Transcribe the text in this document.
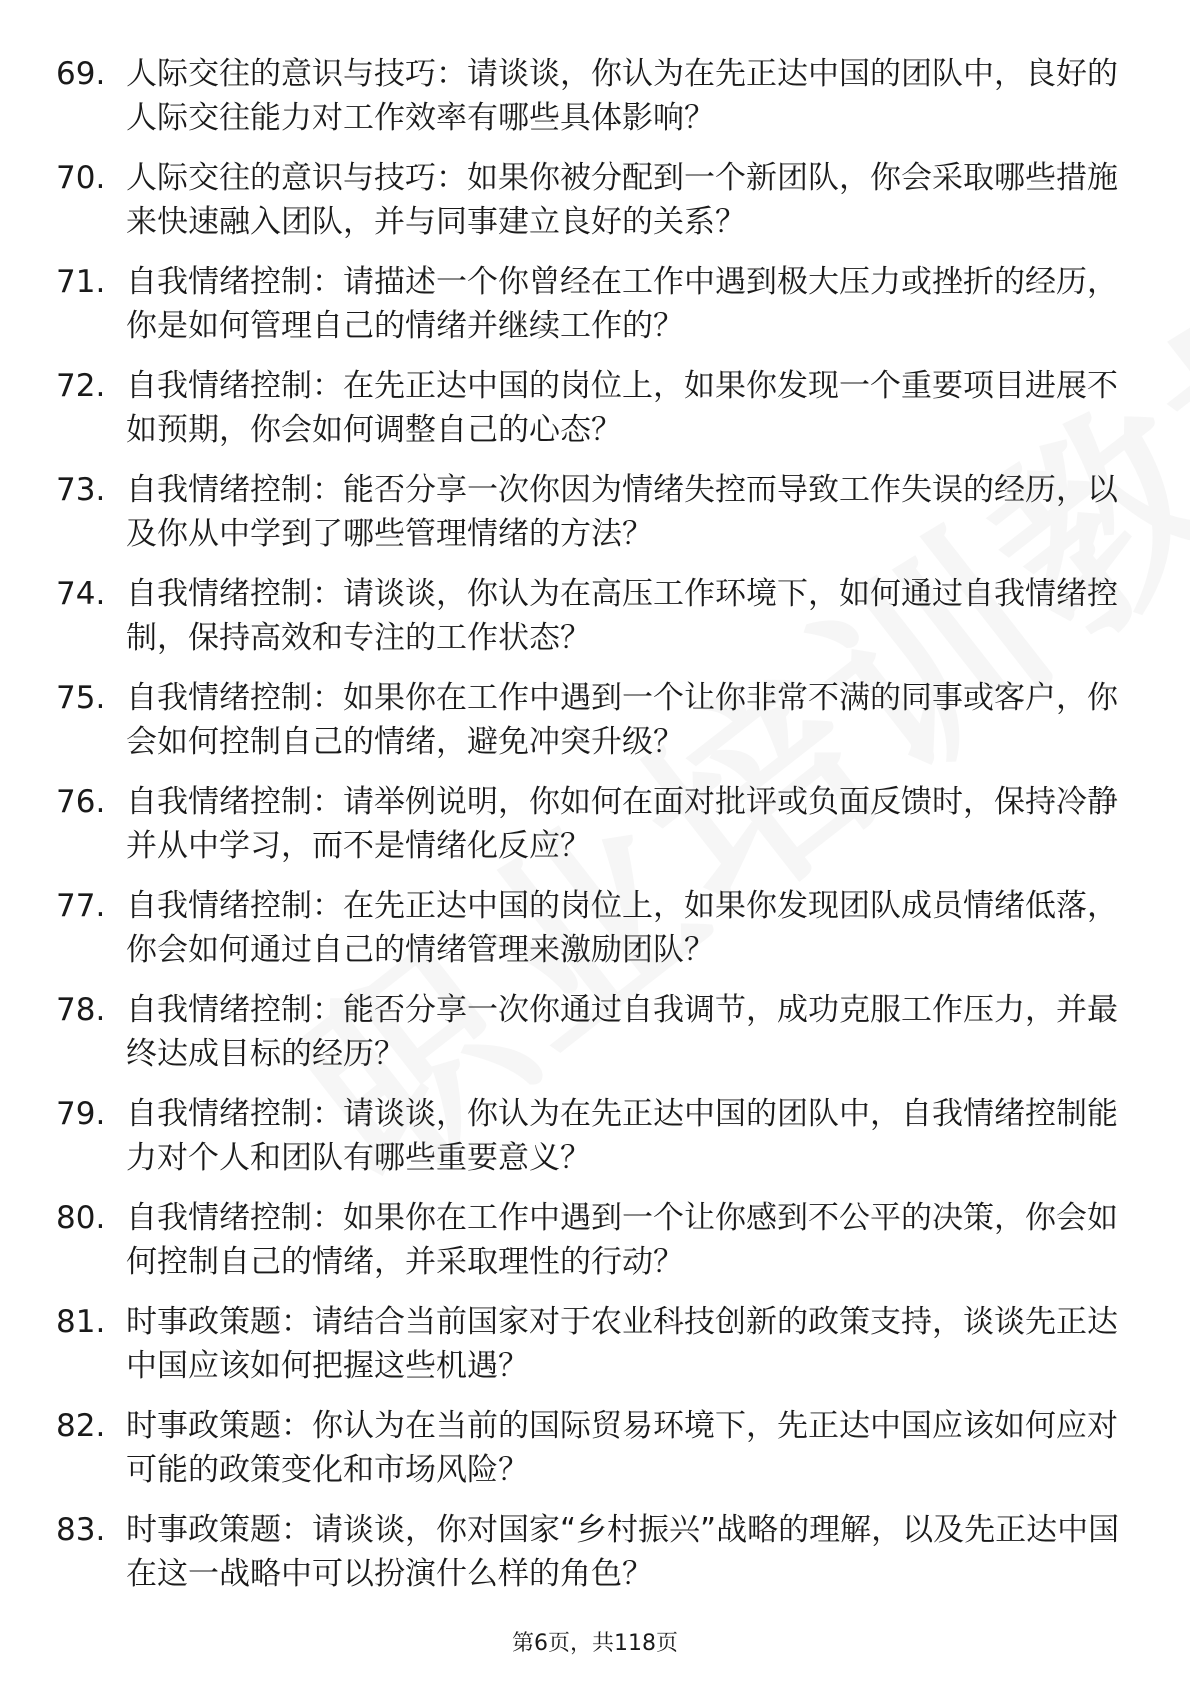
69. 人际交往的意识与技巧：请谈谈，你认为在先正达中国的团队中，良好的人际交往能力对工作效率有哪些具体影响？
70. 人际交往的意识与技巧：如果你被分配到一个新团队，你会采取哪些措施来快速融入团队，并与同事建立良好的关系？
71. 自我情绪控制：请描述一个你曾经在工作中遇到极大压力或挫折的经历，你是如何管理自己的情绪并继续工作的？
72. 自我情绪控制：在先正达中国的岗位上，如果你发现一个重要项目进展不如预期，你会如何调整自己的心态？
73. 自我情绪控制：能否分享一次你因为情绪失控而导致工作失误的经历，以及你从中学到了哪些管理情绪的方法？
74. 自我情绪控制：请谈谈，你认为在高压工作环境下，如何通过自我情绪控制，保持高效和专注的工作状态？
75. 自我情绪控制：如果你在工作中遇到一个让你非常不满的同事或客户，你会如何控制自己的情绪，避免冲突升级？
76. 自我情绪控制：请举例说明，你如何在面对批评或负面反馈时，保持冷静并从中学习，而不是情绪化反应？
77. 自我情绪控制：在先正达中国的岗位上，如果你发现团队成员情绪低落，你会如何通过自己的情绪管理来激励团队？
78. 自我情绪控制：能否分享一次你通过自我调节，成功克服工作压力，并最终达成目标的经历？
79. 自我情绪控制：请谈谈，你认为在先正达中国的团队中，自我情绪控制能力对个人和团队有哪些重要意义？
80. 自我情绪控制：如果你在工作中遇到一个让你感到不公平的决策，你会如何控制自己的情绪，并采取理性的行动？
81. 时事政策题：请结合当前国家对于农业科技创新的政策支持，谈谈先正达中国应该如何把握这些机遇？
82. 时事政策题：你认为在当前的国际贸易环境下，先正达中国应该如何应对可能的政策变化和市场风险？
83. 时事政策题：请谈谈，你对国家“乡村振兴”战略的理解，以及先正达中国在这一战略中可以扮演什么样的角色？
第6页，共118页
